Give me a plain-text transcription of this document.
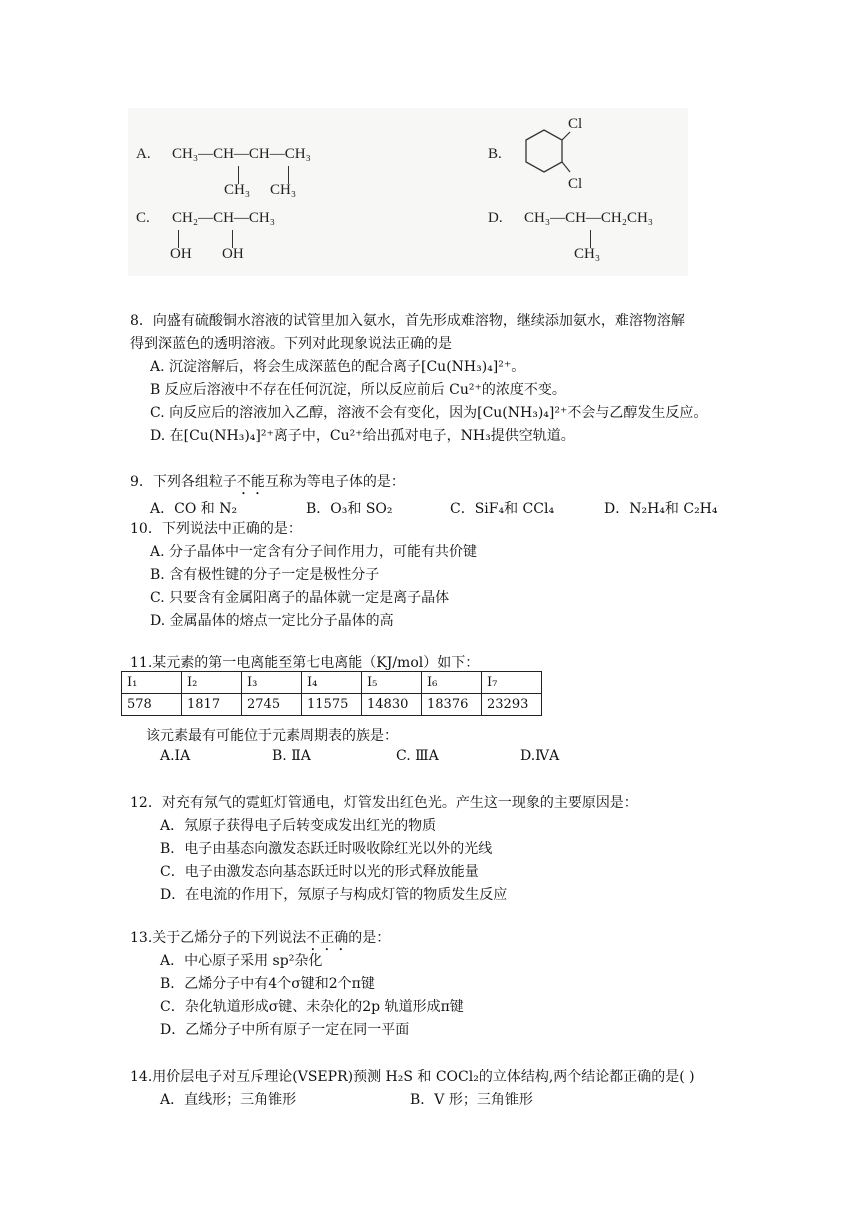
A. CH₃—CH—CH—CH₃
CH₃ CH₃
B.
Cl
Cl
C. CH₂—CH—CH₃
OH OH
D. CH₃—CH—CH₂CH₃
CH₃
8．向盛有硫酸铜水溶液的试管里加入氨水，首先形成难溶物，继续添加氨水，难溶物溶解
得到深蓝色的透明溶液。下列对此现象说法正确的是
A. 沉淀溶解后，将会生成深蓝色的配合离子[Cu(NH₃)₄]²⁺。
B 反应后溶液中不存在任何沉淀，所以反应前后 Cu²⁺的浓度不变。
C. 向反应后的溶液加入乙醇，溶液不会有变化，因为[Cu(NH₃)₄]²⁺不会与乙醇发生反应。
D. 在[Cu(NH₃)₄]²⁺离子中，Cu²⁺给出孤对电子，NH₃提供空轨道。
9．下列各组粒子不能互称为等电子体的是：
A．CO 和 N₂	B．O₃和 SO₂	C．SiF₄和 CCl₄	D．N₂H₄和 C₂H₄
10．下列说法中正确的是：
A. 分子晶体中一定含有分子间作用力，可能有共价键
B. 含有极性键的分子一定是极性分子
C. 只要含有金属阳离子的晶体就一定是离子晶体
D. 金属晶体的熔点一定比分子晶体的高
11.某元素的第一电离能至第七电离能（KJ/mol）如下：
I₁	I₂	I₃	I₄	I₅	I₆	I₇
578	1817	2745	11575	14830	18376	23293
该元素最有可能位于元素周期表的族是：
A.ⅠA	B. ⅡA	C. ⅢA	D.ⅣA
12．对充有氖气的霓虹灯管通电，灯管发出红色光。产生这一现象的主要原因是：
A．氖原子获得电子后转变成发出红光的物质
B．电子由基态向激发态跃迁时吸收除红光以外的光线
C．电子由激发态向基态跃迁时以光的形式释放能量
D．在电流的作用下，氖原子与构成灯管的物质发生反应
13.关于乙烯分子的下列说法不正确的是：
A．中心原子采用 sp²杂化
B．乙烯分子中有4个σ键和2个π键
C．杂化轨道形成σ键、未杂化的2p 轨道形成π键
D．乙烯分子中所有原子一定在同一平面
14.用价层电子对互斥理论(VSEPR)预测 H₂S 和 COCl₂的立体结构,两个结论都正确的是( )
A．直线形；三角锥形	B．V 形；三角锥形
